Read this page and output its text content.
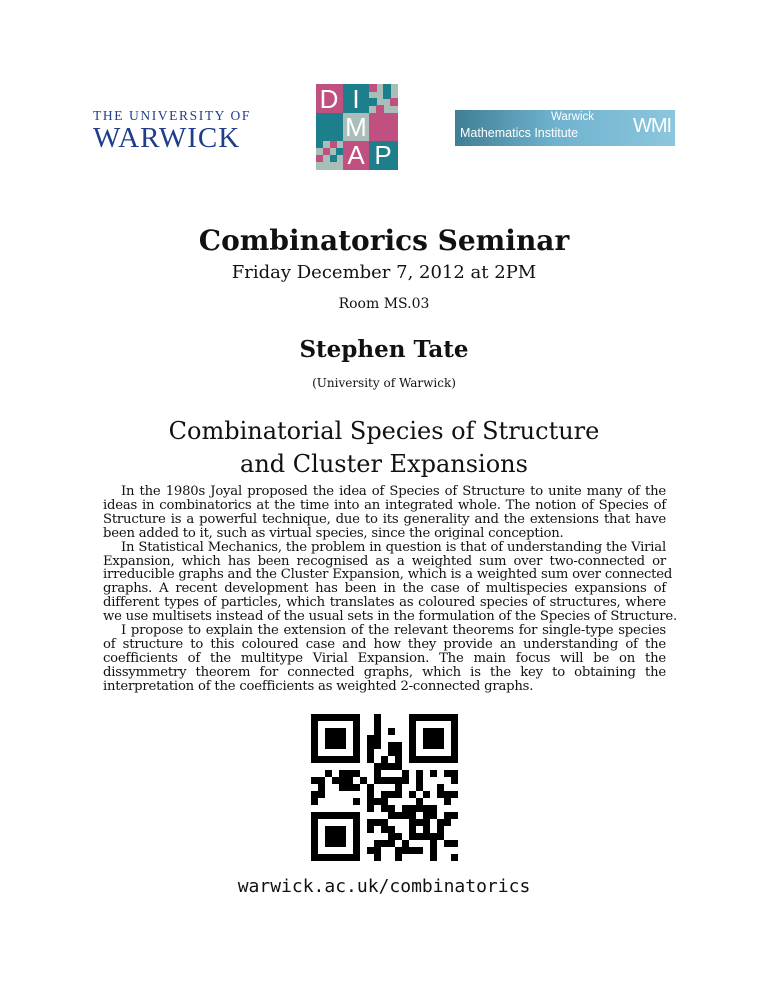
THE UNIVERSITY OF
WARWICK
D I
M
A P
Warwick
Mathematics Institute	WMI
Combinatorics Seminar
Friday December 7, 2012 at 2PM
Room MS.03
Stephen Tate
(University of Warwick)
Combinatorial Species of Structure
and Cluster Expansions
In the 1980s Joyal proposed the idea of Species of Structure to unite many of the
ideas in combinatorics at the time into an integrated whole. The notion of Species of
Structure is a powerful technique, due to its generality and the extensions that have
been added to it, such as virtual species, since the original conception.
In Statistical Mechanics, the problem in question is that of understanding the Virial
Expansion, which has been recognised as a weighted sum over two-connected or
irreducible graphs and the Cluster Expansion, which is a weighted sum over connected
graphs. A recent development has been in the case of multispecies expansions of
different types of particles, which translates as coloured species of structures, where
we use multisets instead of the usual sets in the formulation of the Species of Structure.
I propose to explain the extension of the relevant theorems for single-type species
of structure to this coloured case and how they provide an understanding of the
coefficients of the multitype Virial Expansion. The main focus will be on the
dissymmetry theorem for connected graphs, which is the key to obtaining the
interpretation of the coefficients as weighted 2-connected graphs.
warwick.ac.uk/combinatorics
